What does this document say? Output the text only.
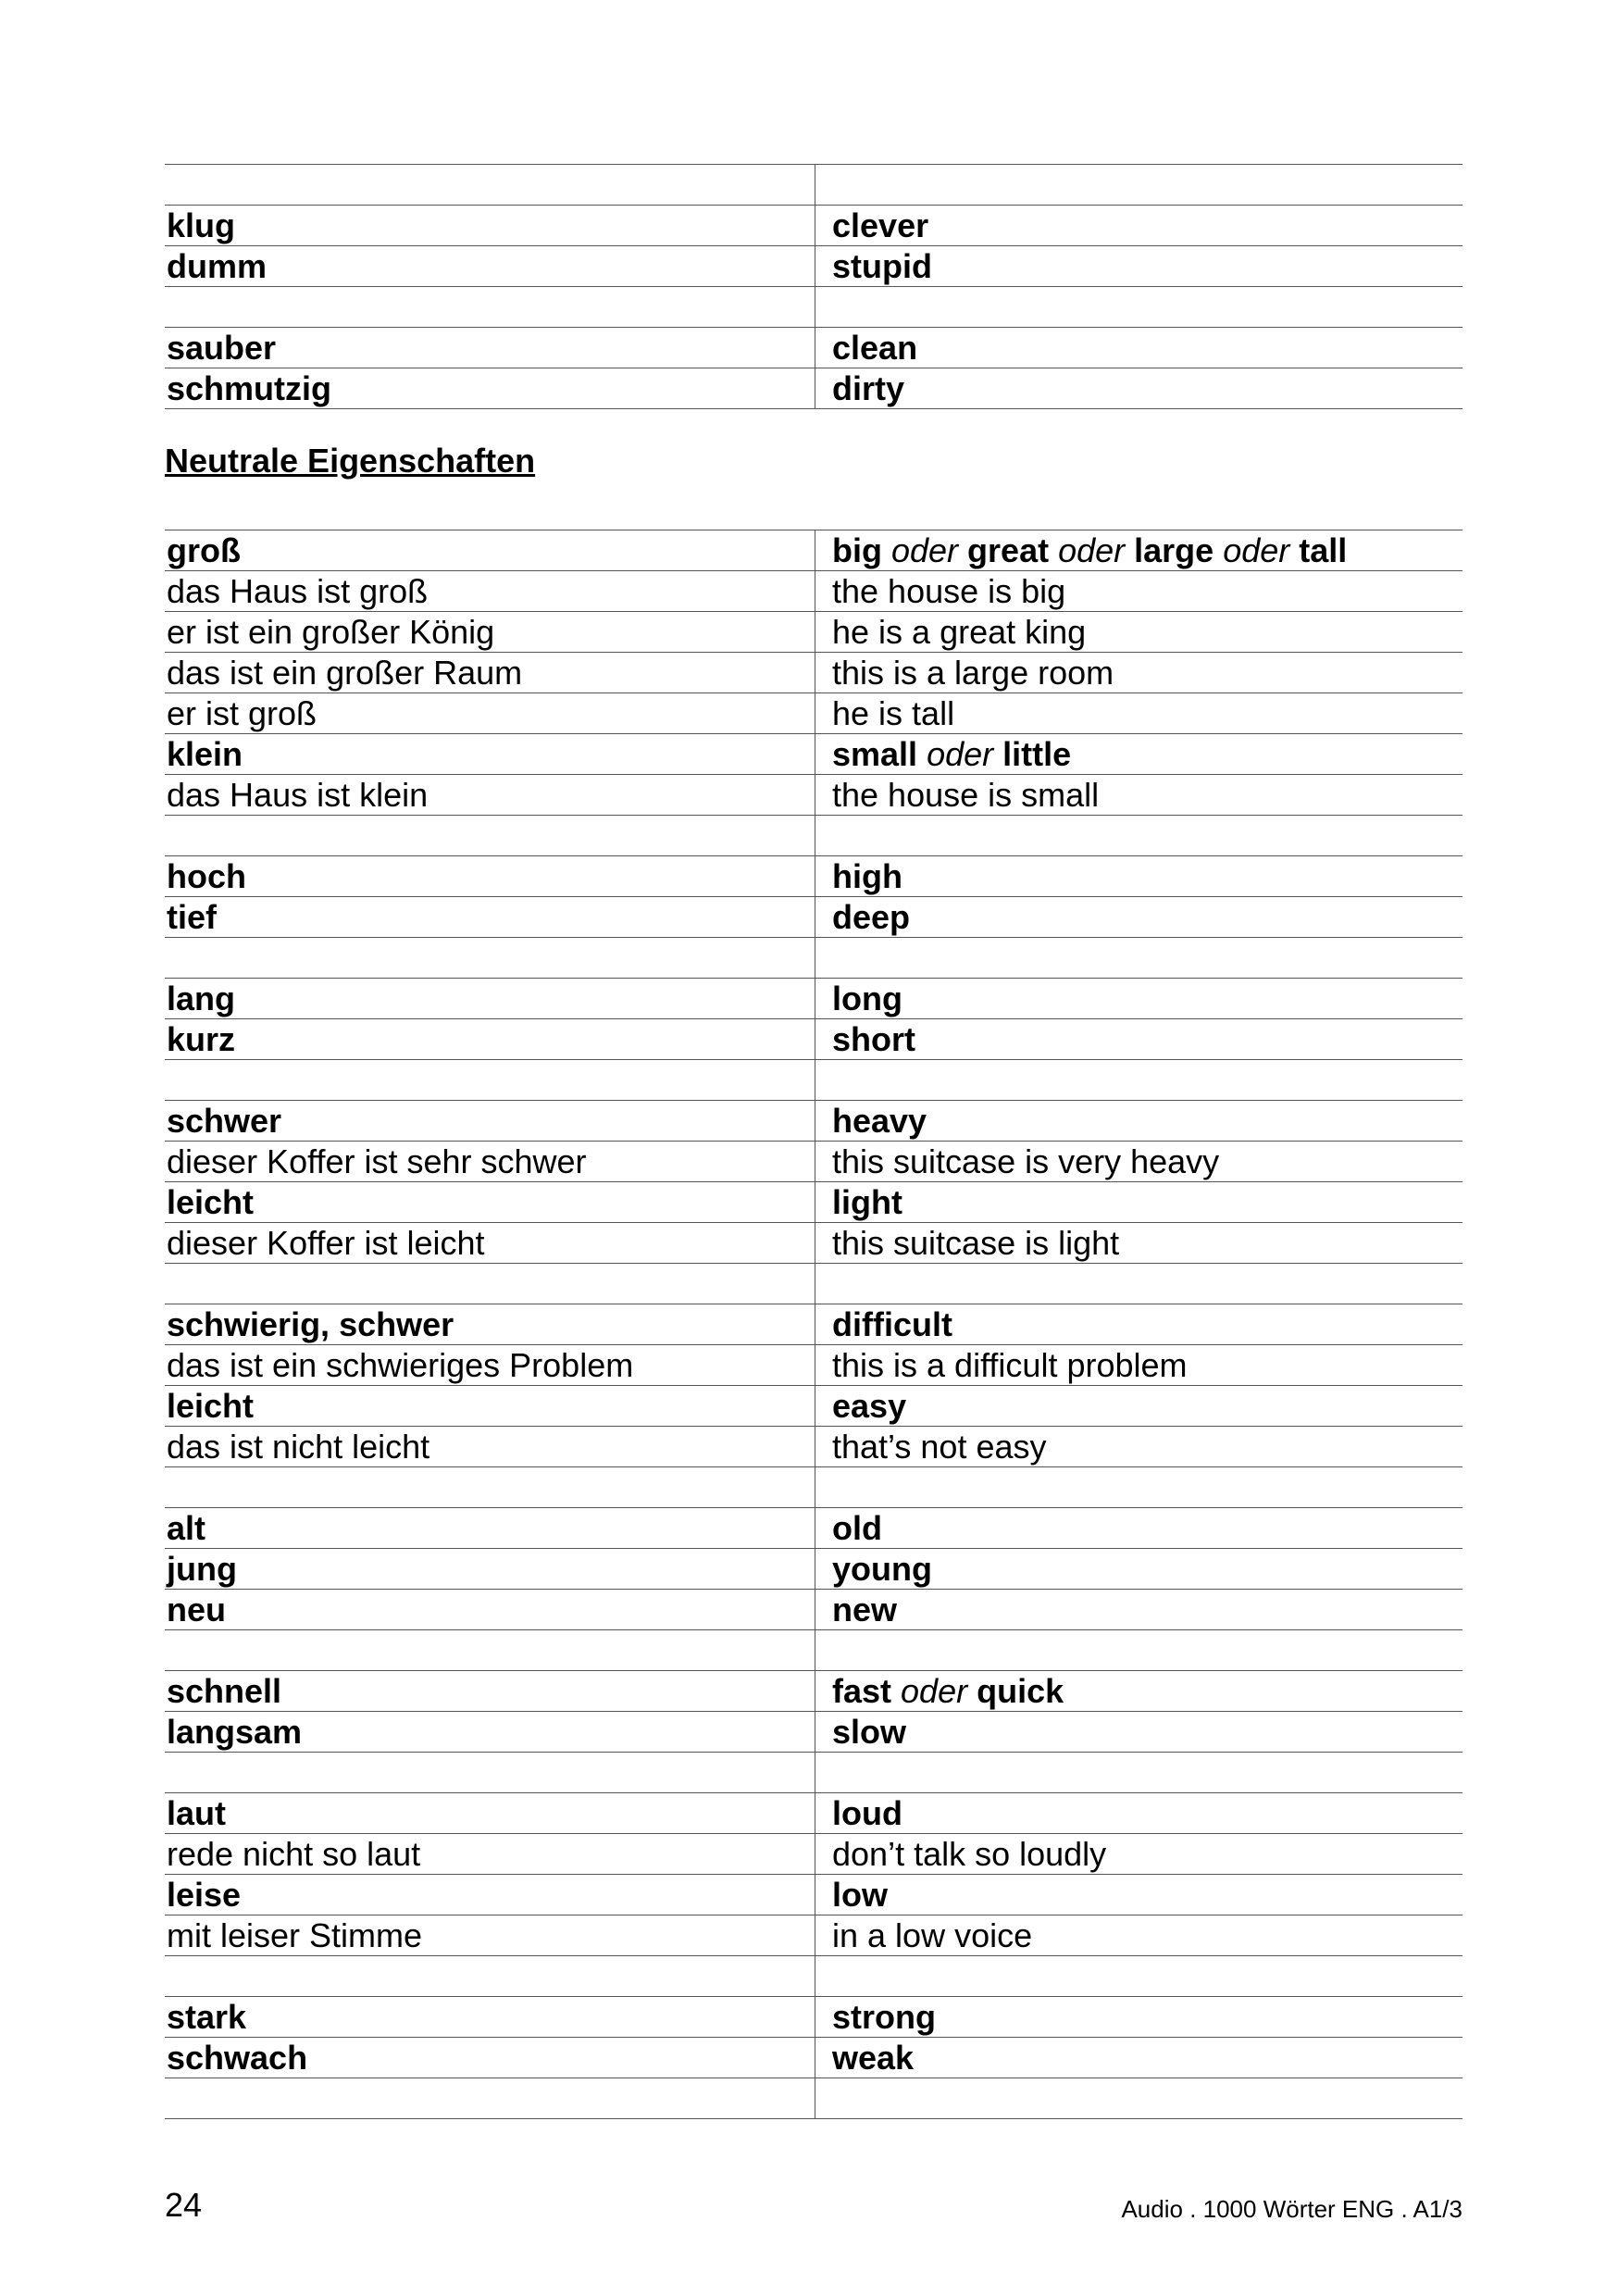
klug	clever
dumm	stupid

sauber	clean
schmutzig	dirty
Neutrale Eigenschaften
groß	big oder great oder large oder tall
das Haus ist groß	the house is big
er ist ein großer König	he is a great king
das ist ein großer Raum	this is a large room
er ist groß	he is tall
klein	small oder little
das Haus ist klein	the house is small

hoch	high
tief	deep

lang	long
kurz	short

schwer	heavy
dieser Koffer ist sehr schwer	this suitcase is very heavy
leicht	light
dieser Koffer ist leicht	this suitcase is light

schwierig, schwer	difficult
das ist ein schwieriges Problem	this is a difficult problem
leicht	easy
das ist nicht leicht	that’s not easy

alt	old
jung	young
neu	new

schnell	fast oder quick
langsam	slow

laut	loud
rede nicht so laut	don’t talk so loudly
leise	low
mit leiser Stimme	in a low voice

stark	strong
schwach	weak

24	Audio . 1000 Wörter ENG . A1/3
